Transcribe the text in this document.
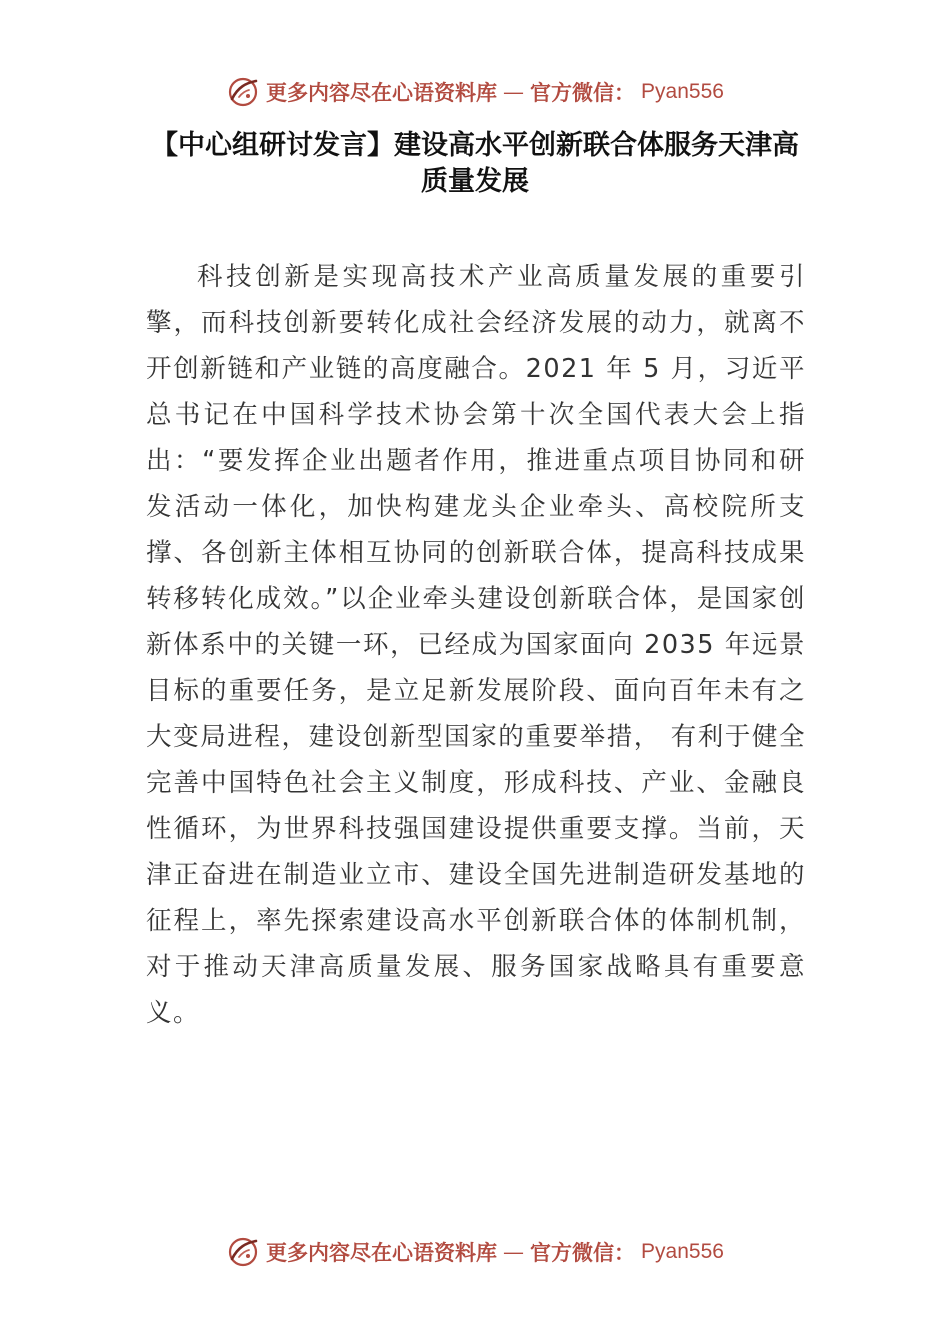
更多内容尽在心语资料库 — 官方微信： Pyan556
【中心组研讨发言】建设高水平创新联合体服务天津高质量发展

科技创新是实现高技术产业高质量发展的重要引擎，而科技创新要转化成社会经济发展的动力，就离不开创新链和产业链的高度融合。2021 年 5 月，习近平总书记在中国科学技术协会第十次全国代表大会上指出：“要发挥企业出题者作用，推进重点项目协同和研发活动一体化，加快构建龙头企业牵头、高校院所支撑、各创新主体相互协同的创新联合体，提高科技成果转移转化成效。”以企业牵头建设创新联合体，是国家创新体系中的关键一环，已经成为国家面向 2035 年远景目标的重要任务，是立足新发展阶段、面向百年未有之大变局进程，建设创新型国家的重要举措， 有利于健全完善中国特色社会主义制度，形成科技、产业、金融良性循环，为世界科技强国建设提供重要支撑。当前，天津正奋进在制造业立市、建设全国先进制造研发基地的征程上，率先探索建设高水平创新联合体的体制机制，对于推动天津高质量发展、服务国家战略具有重要意义。

更多内容尽在心语资料库 — 官方微信： Pyan556
